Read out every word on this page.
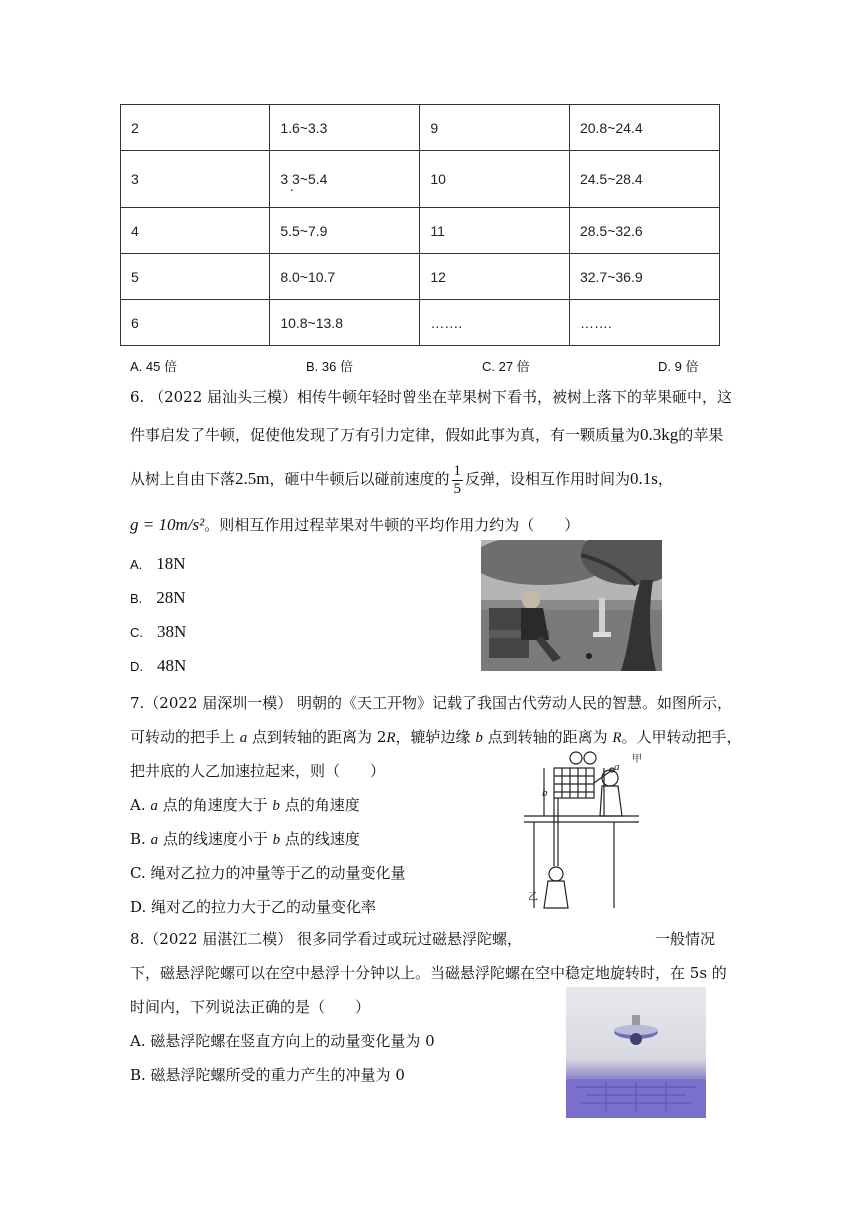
2	1.6~3.3	9	20.8~24.4
3	3 3~5.4 ·	10	24.5~28.4
4	5.5~7.9	11	28.5~32.6
5	8.0~10.7	12	32.7~36.9
6	10.8~13.8	…….	…….
A. 45 倍	B. 36 倍	C. 27 倍	D. 9 倍
6. （2022 届汕头三模）相传牛顿年轻时曾坐在苹果树下看书，被树上落下的苹果砸中，这
件事启发了牛顿，促使他发现了万有引力定律，假如此事为真，有一颗质量为0.3kg的苹果
从树上自由下落2.5m，砸中牛顿后以碰前速度的 $\frac{1}{5}$ 反弹，设相互作用时间为0.1s，
g = 10m/s²。则相互作用过程苹果对牛顿的平均作用力约为（　　）
A. 18N
B. 28N
C. 38N
D. 48N
7.（2022 届深圳一模） 明朝的《天工开物》记载了我国古代劳动人民的智慧。如图所示，
可转动的把手上 a 点到转轴的距离为 2R，辘轳边缘 b 点到转轴的距离为 R。人甲转动把手，
把井底的人乙加速拉起来，则（　　）
A. a 点的角速度大于 b 点的角速度
B. a 点的线速度小于 b 点的线速度
C. 绳对乙拉力的冲量等于乙的动量变化量
D. 绳对乙的拉力大于乙的动量变化率
b
a
甲
乙
8.（2022 届湛江二模） 很多同学看过或玩过磁悬浮陀螺，	一般情况
下，磁悬浮陀螺可以在空中悬浮十分钟以上。当磁悬浮陀螺在空中稳定地旋转时，在 5s 的
时间内，下列说法正确的是（　　）
A. 磁悬浮陀螺在竖直方向上的动量变化量为 0
B. 磁悬浮陀螺所受的重力产生的冲量为 0
